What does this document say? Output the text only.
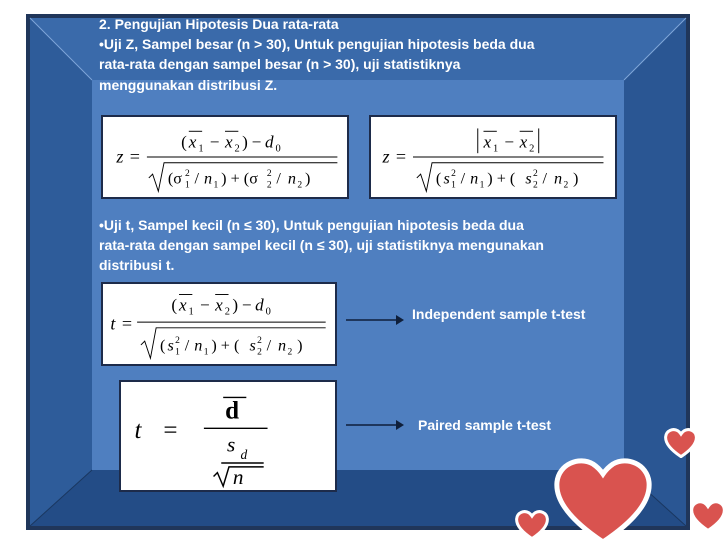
2. Pengujian Hipotesis Dua rata-rata
•Uji Z, Sampel besar (n > 30), Untuk pengujian hipotesis beda dua
rata-rata dengan sampel besar (n > 30), uji statistiknya
menggunakan distribusi Z.
z =
( x 1 − x 2 ) − d 0
(σ 2
1 / n 1 ) + (σ 2
2 / n 2 )
z =
x 1 − x 2
( s 2
1 / n 1 ) + ( s 2
2 / n 2 )
•Uji t, Sampel kecil (n ≤ 30), Untuk pengujian hipotesis beda dua
rata-rata dengan sampel kecil (n ≤ 30), uji statistiknya mengunakan
distribusi t.
t =
( x 1 − x 2 ) − d 0
( s 2
1 / n 1 ) + ( s 2
2 / n 2 )
Independent sample t-test
t =
d
s d
n
Paired sample t-test
